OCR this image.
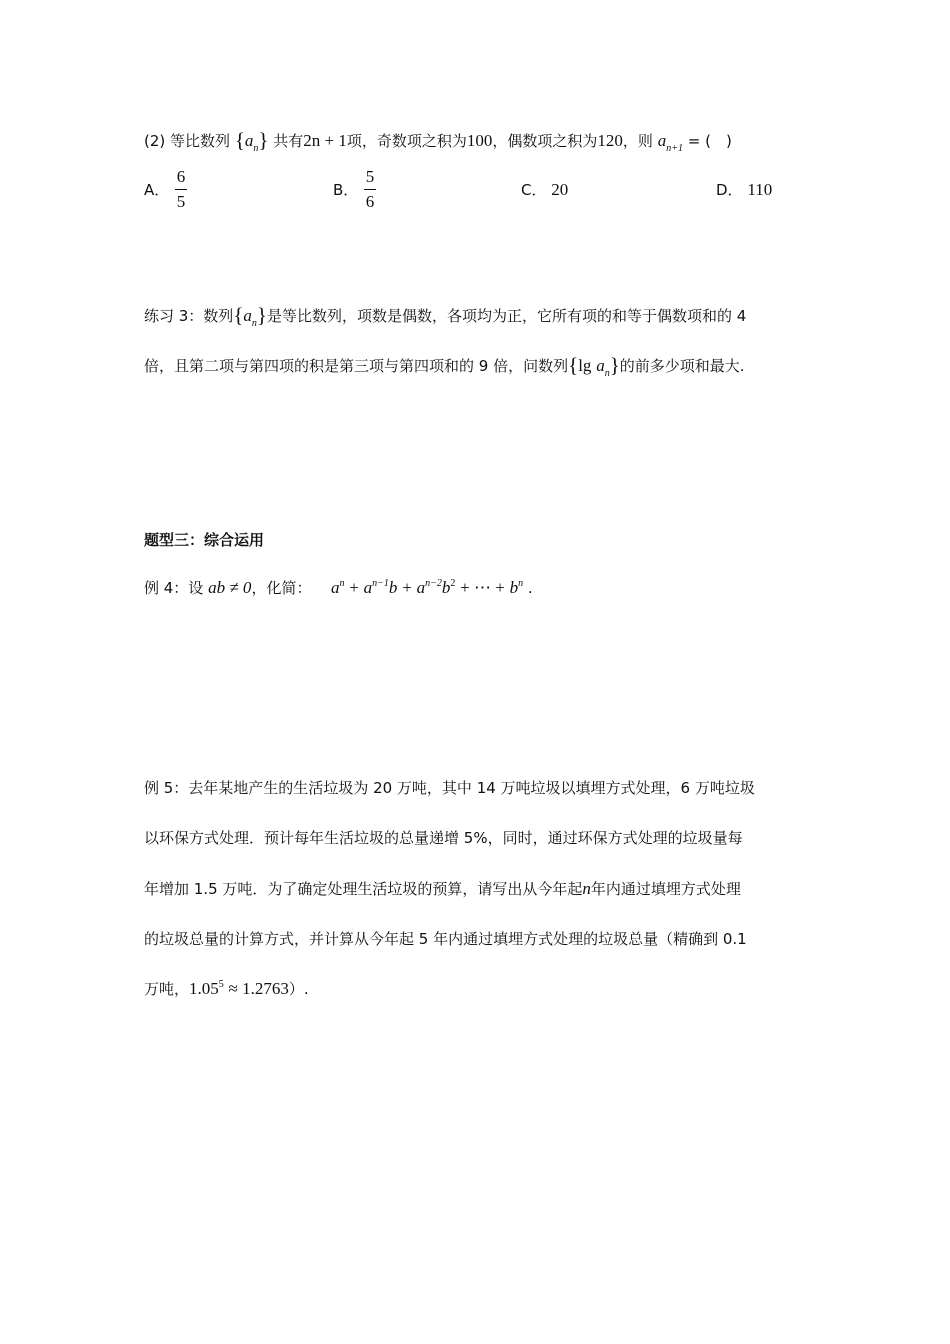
(2) 等比数列 $\{a_n\}$ 共有2n + 1项，奇数项之积为100，偶数项之积为120，则 $a_{n+1}$ = (　)
A．
6
5
B．
5
6
C． 20	D． 110
练习 3：数列$\{a_n\}$是等比数列，项数是偶数，各项均为正，它所有项的和等于偶数项和的 4
倍，且第二项与第四项的积是第三项与第四项和的 9 倍，问数列{lg $a_n$}的前多少项和最大.
题型三：综合运用
例 4：设 ab ≠ 0，化简： $a^n + a^{n-1}b + a^{n-2}b^2$ + ⋯ + $b^n$ .
例 5：去年某地产生的生活垃圾为 20 万吨，其中 14 万吨垃圾以填埋方式处理，6 万吨垃圾
以环保方式处理．预计每年生活垃圾的总量递增 5%，同时，通过环保方式处理的垃圾量每
年增加 1.5 万吨．为了确定处理生活垃圾的预算，请写出从今年起n年内通过填埋方式处理
的垃圾总量的计算方式，并计算从今年起 5 年内通过填埋方式处理的垃圾总量（精确到 0.1
万吨，$1.05^5 \approx 1.2763$）.
